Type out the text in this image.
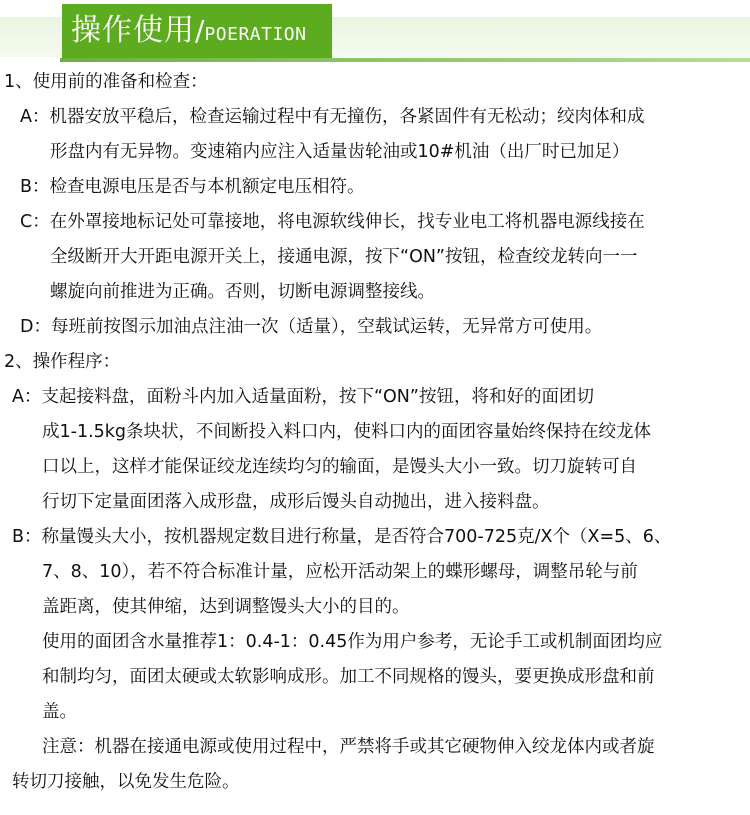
操作使用/POERATION
1、使用前的准备和检查：
A：机器安放平稳后，检查运输过程中有无撞伤，各紧固件有无松动；绞肉体和成
形盘内有无异物。变速箱内应注入适量齿轮油或10#机油（出厂时已加足）
B：检查电源电压是否与本机额定电压相符。
C：在外罩接地标记处可靠接地，将电源软线伸长，找专业电工将机器电源线接在
全级断开大开距电源开关上，接通电源，按下“ON”按钮，检查绞龙转向一一
螺旋向前推进为正确。否则，切断电源调整接线。
D：每班前按图示加油点注油一次（适量），空载试运转，无异常方可使用。
2、操作程序：
A：支起接料盘，面粉斗内加入适量面粉，按下“ON”按钮，将和好的面团切
成1-1.5kg条块状，不间断投入料口内，使料口内的面团容量始终保持在绞龙体
口以上，这样才能保证绞龙连续均匀的输面，是馒头大小一致。切刀旋转可自
行切下定量面团落入成形盘，成形后馒头自动抛出，进入接料盘。
B：称量馒头大小，按机器规定数目进行称量，是否符合700-725克/X个（X=5、6、
7、8、10），若不符合标准计量，应松开活动架上的蝶形螺母，调整吊轮与前
盖距离，使其伸缩，达到调整馒头大小的目的。
使用的面团含水量推荐1：0.4-1：0.45作为用户参考，无论手工或机制面团均应
和制均匀，面团太硬或太软影响成形。加工不同规格的馒头，要更换成形盘和前
盖。
注意：机器在接通电源或使用过程中，严禁将手或其它硬物伸入绞龙体内或者旋
转切刀接触，以免发生危险。
